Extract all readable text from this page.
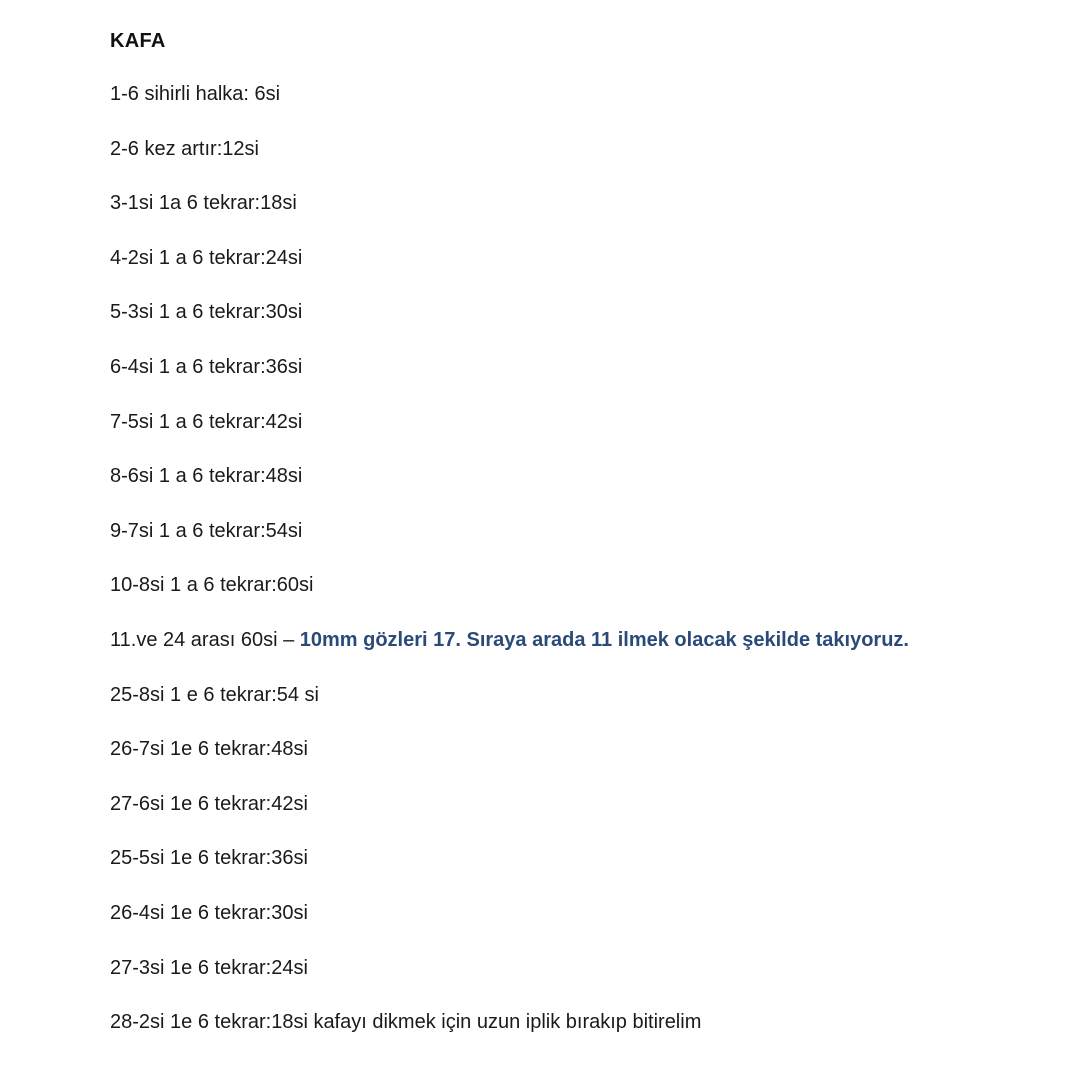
KAFA
1-6 sihirli halka: 6si
2-6 kez artır:12si
3-1si 1a 6 tekrar:18si
4-2si 1 a 6 tekrar:24si
5-3si 1 a 6 tekrar:30si
6-4si 1 a 6 tekrar:36si
7-5si 1 a 6 tekrar:42si
8-6si 1 a 6 tekrar:48si
9-7si 1 a 6 tekrar:54si
10-8si 1 a 6 tekrar:60si
11.ve 24 arası 60si – 10mm gözleri 17. Sıraya arada 11 ilmek olacak şekilde takıyoruz.
25-8si 1 e 6 tekrar:54 si
26-7si 1e 6 tekrar:48si
27-6si 1e 6 tekrar:42si
25-5si 1e 6 tekrar:36si
26-4si 1e 6 tekrar:30si
27-3si 1e 6 tekrar:24si
28-2si 1e 6 tekrar:18si kafayı dikmek için uzun iplik bırakıp bitirelim
